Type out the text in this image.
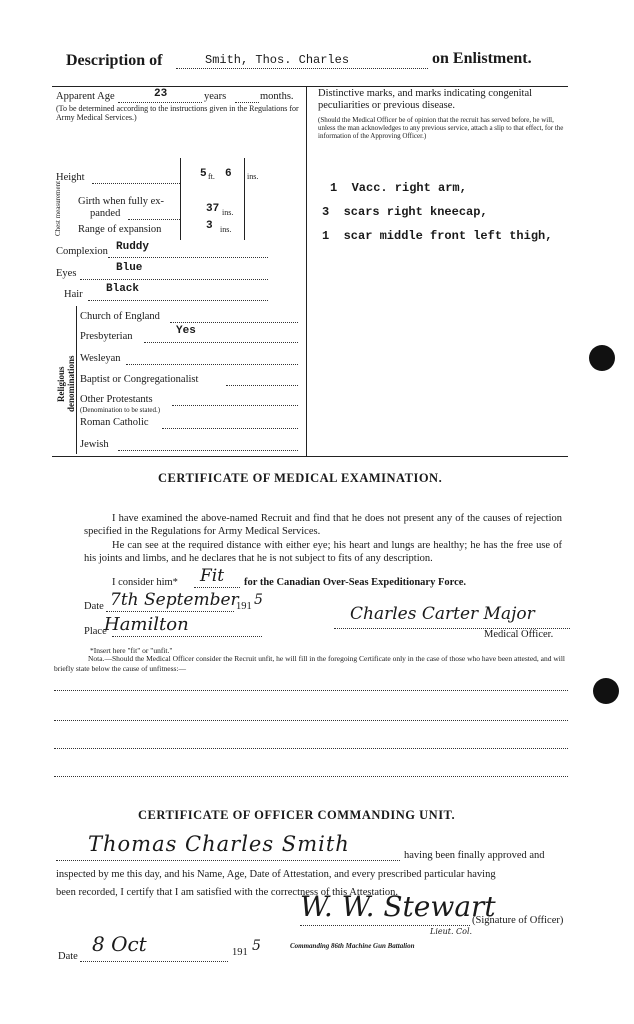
Description of	Smith, Thos. Charles	on Enlistment.
Apparent Age	23	years	months.
(To be determined according to the instructions given in the Regulations for Army Medical Services.)
Height	5 ft. 6 ins.
Chest measurement Girth when fully ex-
panded	37 ins.
Range of expansion	3 ins.
Complexion Ruddy
Eyes	Blue
Hair Black
Religious denominations
Church of England
Presbyterian	Yes
Wesleyan
Baptist or Congregationalist
Other Protestants
(Denomination to be stated.)
Roman Catholic
Jewish
Distinctive marks, and marks indicating congenital
peculiarities or previous disease.
(Should the Medical Officer be of opinion that the recruit has served before, he will, unless the man acknowledges to any previous service, attach a slip to that effect, for the information of the Approving Officer.)
1  Vacc. right arm,
3  scars right kneecap,
1  scar middle front left thigh,
CERTIFICATE OF MEDICAL EXAMINATION.
I have examined the above-named Recruit and find that he does not present any of the causes of rejection specified in the Regulations for Army Medical Services.
He can see at the required distance with either eye; his heart and lungs are healthy; he has the free use of his joints and limbs, and he declares that he is not subject to fits of any description.
I consider him* Fit for the Canadian Over-Seas Expeditionary Force.
Date 7th September
191 5
Place
Hamilton	Charles Carter Major
Medical Officer.
*Insert here "fit" or "unfit."
Nota.—Should the Medical Officer consider the Recruit unfit, he will fill in the foregoing Certificate only in the case of those who have been attested, and will briefly state below the cause of unfitness:—
CERTIFICATE OF OFFICER COMMANDING UNIT.
Thomas Charles Smith	having been finally approved and
inspected by me this day, and his Name, Age, Date of Attestation, and every prescribed particular having
been recorded, I certify that I am satisfied with the correctness of this Attestation.
W. W. Stewart
(Signature of Officer)
Lieut. Col.
Commanding 86th Machine Gun Battalion
Date
8 Oct	191 5
